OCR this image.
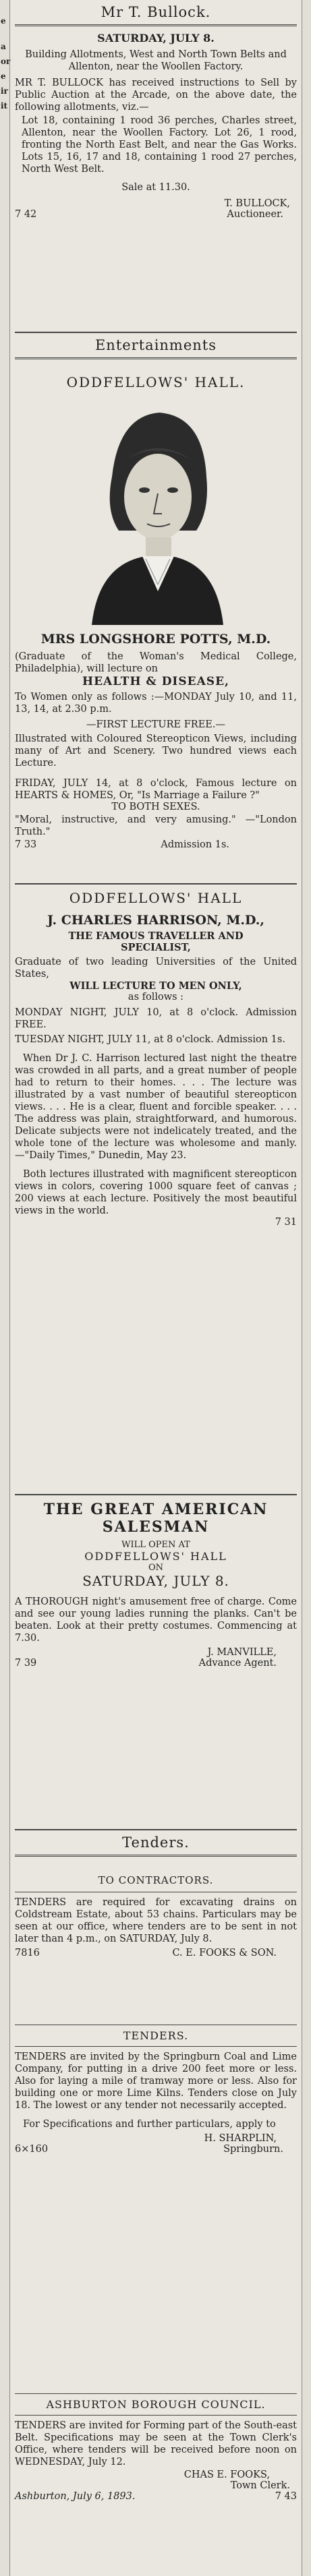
e
a
or
e
ir
it
Mr T. Bullock.
SATURDAY, JULY 8.
Building Allotments, West and North Town Belts and Allenton, near the Woollen Factory.
MR T. BULLOCK has received instructions to Sell by Public Auction at the Arcade, on the above date, the following allotments, viz.—
Lot 18, containing 1 rood 36 perches, Charles street, Allenton, near the Woollen Factory. Lot 26, 1 rood, fronting the North East Belt, and near the Gas Works. Lots 15, 16, 17 and 18, containing 1 rood 27 perches, North West Belt.
Sale at 11.30.
T. BULLOCK,
7 42	Auctioneer.
Entertainments
ODDFELLOWS' HALL.
MRS LONGSHORE POTTS, M.D.
(Graduate of the Woman's Medical College, Philadelphia), will lecture on
HEALTH & DISEASE,
To Women only as follows :—MONDAY July 10, and 11, 13, 14, at 2.30 p.m.
—FIRST LECTURE FREE.—
Illustrated with Coloured Stereopticon Views, including many of Art and Scenery. Two hundred views each Lecture.
FRIDAY, JULY 14, at 8 o'clock, Famous lecture on HEARTS & HOMES, Or, "Is Marriage a Failure ?"
TO BOTH SEXES.
"Moral, instructive, and very amusing." —"London Truth."
7 33	Admission 1s.
ODDFELLOWS' HALL
J. CHARLES HARRISON, M.D.,
THE FAMOUS TRAVELLER AND
SPECIALIST,
Graduate of two leading Universities of the United States,
WILL LECTURE TO MEN ONLY,
as follows :
MONDAY NIGHT, JULY 10, at 8 o'clock. Admission FREE.
TUESDAY NIGHT, JULY 11, at 8 o'clock. Admission 1s.
When Dr J. C. Harrison lectured last night the theatre was crowded in all parts, and a great number of people had to return to their homes. . . . The lecture was illustrated by a vast number of beautiful stereopticon views. . . . He is a clear, fluent and forcible speaker. . . . The address was plain, straightforward, and humorous. Delicate subjects were not indelicately treated, and the whole tone of the lecture was wholesome and manly.—"Daily Times," Dunedin, May 23.
Both lectures illustrated with magnificent stereopticon views in colors, covering 1000 square feet of canvas ; 200 views at each lecture. Positively the most beautiful views in the world.
7 31
THE GREAT AMERICAN
SALESMAN
WILL OPEN AT
ODDFELLOWS' HALL
ON
SATURDAY, JULY 8.
A THOROUGH night's amusement free of charge. Come and see our young ladies running the planks. Can't be beaten. Look at their pretty costumes. Commencing at 7.30.
J. MANVILLE,
7 39	Advance Agent.
Tenders.
TO CONTRACTORS.
TENDERS are required for excavating drains on Coldstream Estate, about 53 chains. Particulars may be seen at our office, where tenders are to be sent in not later than 4 p.m., on SATURDAY, July 8.
7816	C. E. FOOKS & SON.
TENDERS.
TENDERS are invited by the Springburn Coal and Lime Company, for putting in a drive 200 feet more or less. Also for laying a mile of tramway more or less. Also for building one or more Lime Kilns. Tenders close on July 18. The lowest or any tender not necessarily accepted.
For Specifications and further particulars, apply to
H. SHARPLIN,
6×160	Springburn.
ASHBURTON BOROUGH COUNCIL.
TENDERS are invited for Forming part of the South-east Belt. Specifications may be seen at the Town Clerk's Office, where tenders will be received before noon on WEDNESDAY, July 12.
CHAS E. FOOKS,
Town Clerk.
Ashburton, July 6, 1893.	7 43
